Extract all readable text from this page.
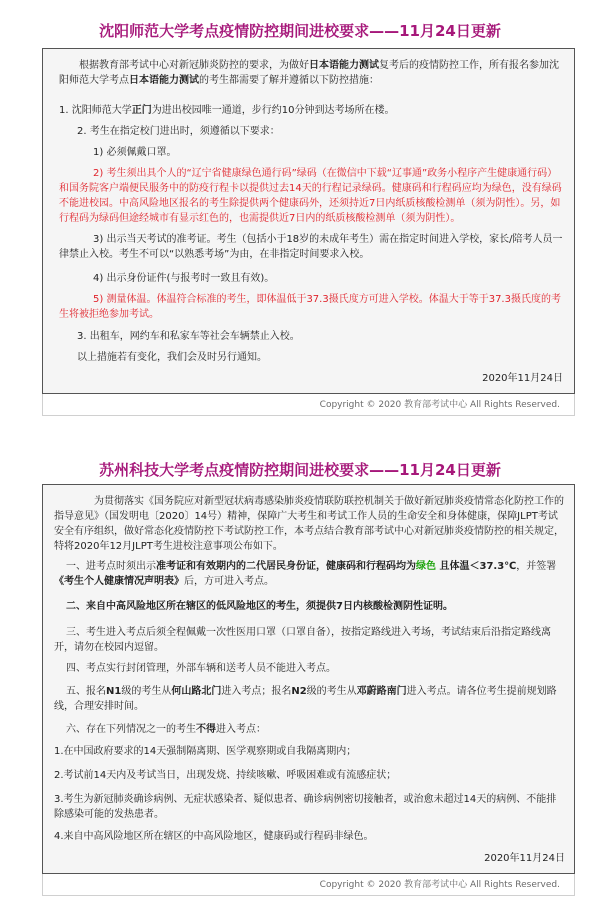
沈阳师范大学考点疫情防控期间进校要求——11月24日更新

根据教育部考试中心对新冠肺炎防控的要求，为做好日本语能力测试复考后的疫情防控工作，所有报名参加沈阳师范大学考点日本语能力测试的考生都需要了解并遵循以下防控措施：

1. 沈阳师范大学正门为进出校园唯一通道，步行约10分钟到达考场所在楼。

2. 考生在指定校门进出时，须遵循以下要求：

1) 必须佩戴口罩。

2) 考生须出具个人的“辽宁省健康绿色通行码”绿码（在微信中下载“辽事通”政务小程序产生健康通行码）和国务院客户端便民服务中的防疫行程卡以提供过去14天的行程记录绿码。健康码和行程码应均为绿色，没有绿码不能进校园。中高风险地区报名的考生除提供两个健康码外，还须持近7日内纸质核酸检测单（须为阴性）。另，如行程码为绿码但途经城市有显示红色的，也需提供近7日内的纸质核酸检测单（须为阴性）。

3) 出示当天考试的准考证。考生（包括小于18岁的未成年考生）需在指定时间进入学校，家长/陪考人员一律禁止入校。考生不可以“以熟悉考场”为由，在非指定时间要求入校。

4) 出示身份证件(与报考时一致且有效)。

5) 测量体温。体温符合标准的考生，即体温低于37.3摄氏度方可进入学校。体温大于等于37.3摄氏度的考生将被拒绝参加考试。

3. 出租车，网约车和私家车等社会车辆禁止入校。

以上措施若有变化，我们会及时另行通知。

2020年11月24日

Copyright © 2020 教育部考试中心 All Rights Reserved.
苏州科技大学考点疫情防控期间进校要求——11月24日更新

为贯彻落实《国务院应对新型冠状病毒感染肺炎疫情联防联控机制关于做好新冠肺炎疫情常态化防控工作的指导意见》（国发明电〔2020〕14号）精神，保障广大考生和考试工作人员的生命安全和身体健康，保障JLPT考试安全有序组织，做好常态化疫情防控下考试防控工作，本考点结合教育部考试中心对新冠肺炎疫情防控的相关规定，特将2020年12月JLPT考生进校注意事项公布如下。

一、进考点时须出示准考证和有效期内的二代居民身份证，健康码和行程码均为绿色 且体温＜37.3℃，并签署《考生个人健康情况声明表》后，方可进入考点。

二、来自中高风险地区所在辖区的低风险地区的考生，须提供7日内核酸检测阴性证明。

三、考生进入考点后须全程佩戴一次性医用口罩（口罩自备），按指定路线进入考场，考试结束后沿指定路线离开，请勿在校园内逗留。

四、考点实行封闭管理，外部车辆和送考人员不能进入考点。

五、报名N1级的考生从何山路北门进入考点；报名N2级的考生从邓蔚路南门进入考点。请各位考生提前规划路线，合理安排时间。

六、存在下列情况之一的考生不得进入考点：

1.在中国政府要求的14天强制隔离期、医学观察期或自我隔离期内；

2.考试前14天内及考试当日，出现发烧、持续咳嗽、呼吸困难或有流感症状；

3.考生为新冠肺炎确诊病例、无症状感染者、疑似患者、确诊病例密切接触者，或治愈未超过14天的病例、不能排除感染可能的发热患者。

4.来自中高风险地区所在辖区的中高风险地区，健康码或行程码非绿色。

2020年11月24日

Copyright © 2020 教育部考试中心 All Rights Reserved.
